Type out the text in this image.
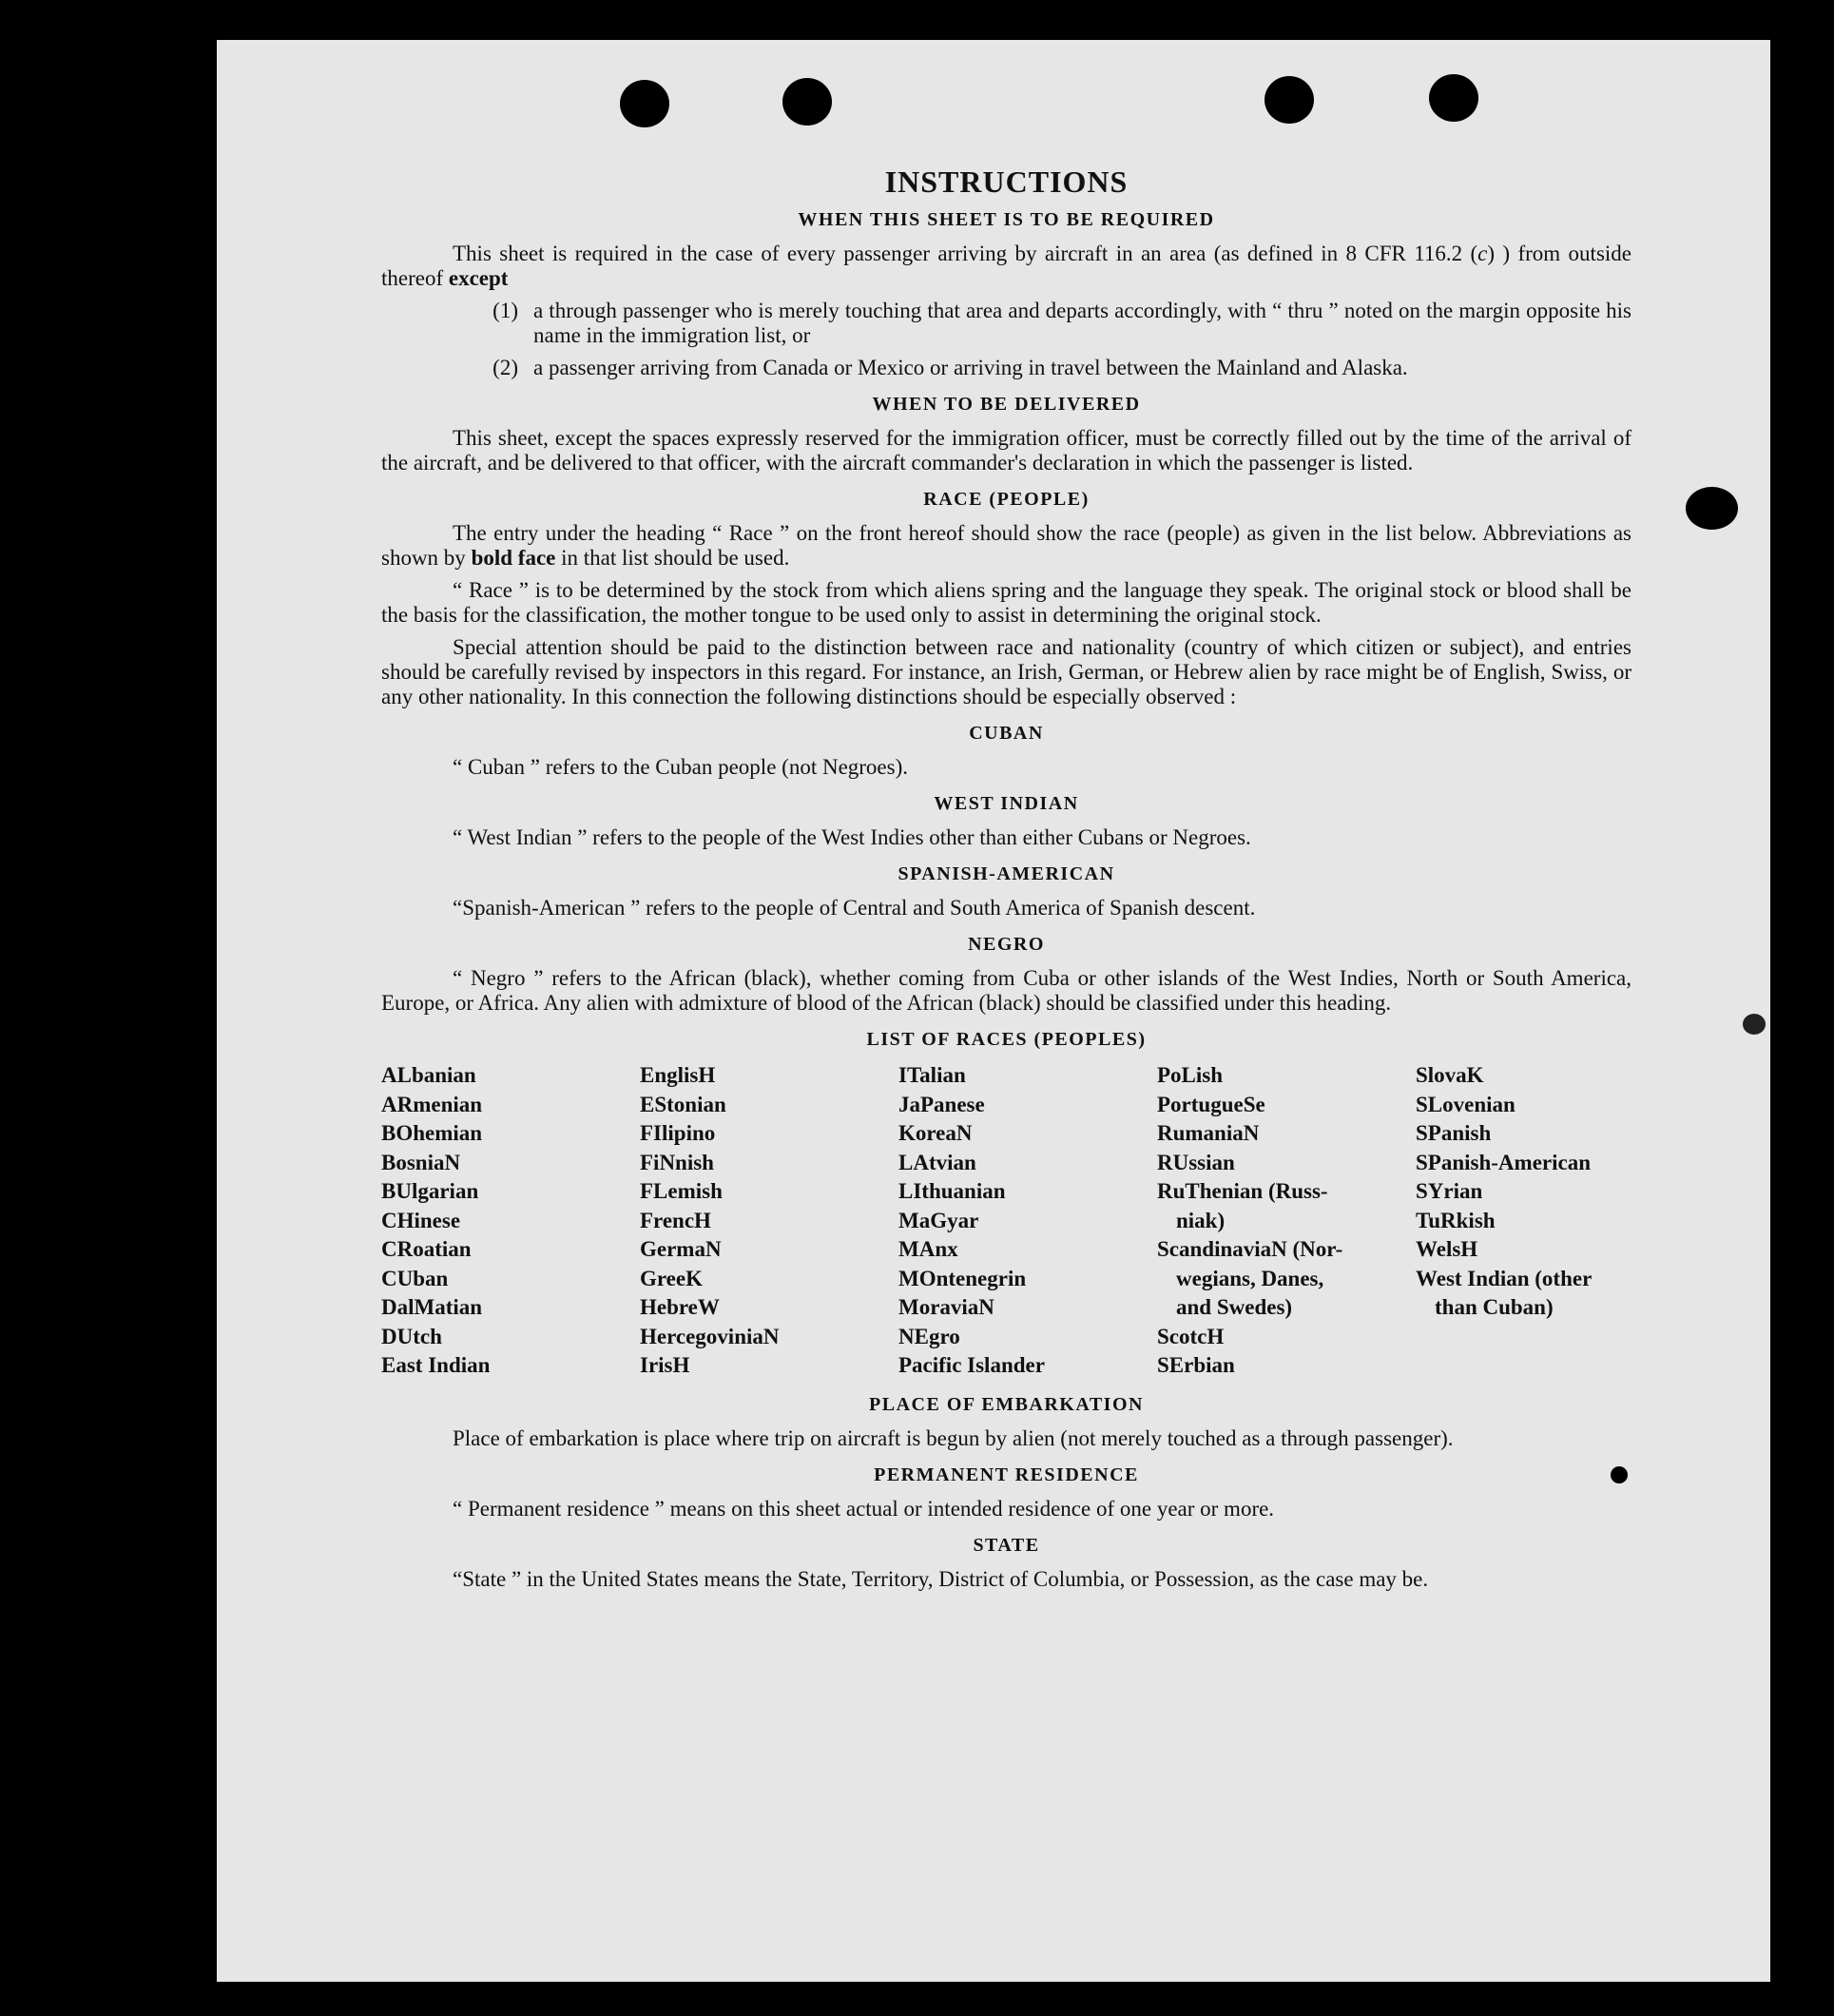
INSTRUCTIONS
WHEN THIS SHEET IS TO BE REQUIRED

This sheet is required in the case of every passenger arriving by aircraft in an area (as defined in 8 CFR 116.2 (c) ) from outside thereof except

(1) a through passenger who is merely touching that area and departs accordingly, with “ thru ” noted on the margin opposite his name in the immigration list, or
(2) a passenger arriving from Canada or Mexico or arriving in travel between the Mainland and Alaska.
WHEN TO BE DELIVERED

This sheet, except the spaces expressly reserved for the immigration officer, must be correctly filled out by the time of the arrival of the aircraft, and be delivered to that officer, with the aircraft commander's declaration in which the passenger is listed.

RACE (PEOPLE)

The entry under the heading “ Race ” on the front hereof should show the race (people) as given in the list below. Abbreviations as shown by bold face in that list should be used.

“ Race ” is to be determined by the stock from which aliens spring and the language they speak. The original stock or blood shall be the basis for the classification, the mother tongue to be used only to assist in determining the original stock.

Special attention should be paid to the distinction between race and nationality (country of which citizen or subject), and entries should be carefully revised by inspectors in this regard. For instance, an Irish, German, or Hebrew alien by race might be of English, Swiss, or any other nationality. In this connection the following distinctions should be especially observed :

CUBAN

“ Cuban ” refers to the Cuban people (not Negroes).

WEST INDIAN

“ West Indian ” refers to the people of the West Indies other than either Cubans or Negroes.

SPANISH-AMERICAN

“Spanish-American ” refers to the people of Central and South America of Spanish descent.

NEGRO

“ Negro ” refers to the African (black), whether coming from Cuba or other islands of the West Indies, North or South America, Europe, or Africa. Any alien with admixture of blood of the African (black) should be classified under this heading.

LIST OF RACES (PEOPLES)
ALbanian
ARmenian
BOhemian
BosniaN
BUlgarian
CHinese
CRoatian
CUban
DalMatian
DUtch
East Indian
EnglisH
EStonian
FIlipino
FiNnish
FLemish
FrencH
GermaN
GreeK
HebreW
HercegoviniaN
IrisH
ITalian
JaPanese
KoreaN
LAtvian
LIthuanian
MaGyar
MAnx
MOntenegrin
MoraviaN
NEgro
Pacific Islander
PoLish
PortugueSe
RumaniaN
RUssian
RuThenian (Russ-
niak)
ScandinaviaN (Nor-
wegians, Danes,
and Swedes)
ScotcH
SErbian
SlovaK
SLovenian
SPanish
SPanish-American
SYrian
TuRkish
WelsH
West Indian (other
than Cuban)
PLACE OF EMBARKATION

Place of embarkation is place where trip on aircraft is begun by alien (not merely touched as a through passenger).

PERMANENT RESIDENCE

“ Permanent residence ” means on this sheet actual or intended residence of one year or more.

STATE

“State ” in the United States means the State, Territory, District of Columbia, or Possession, as the case may be.
